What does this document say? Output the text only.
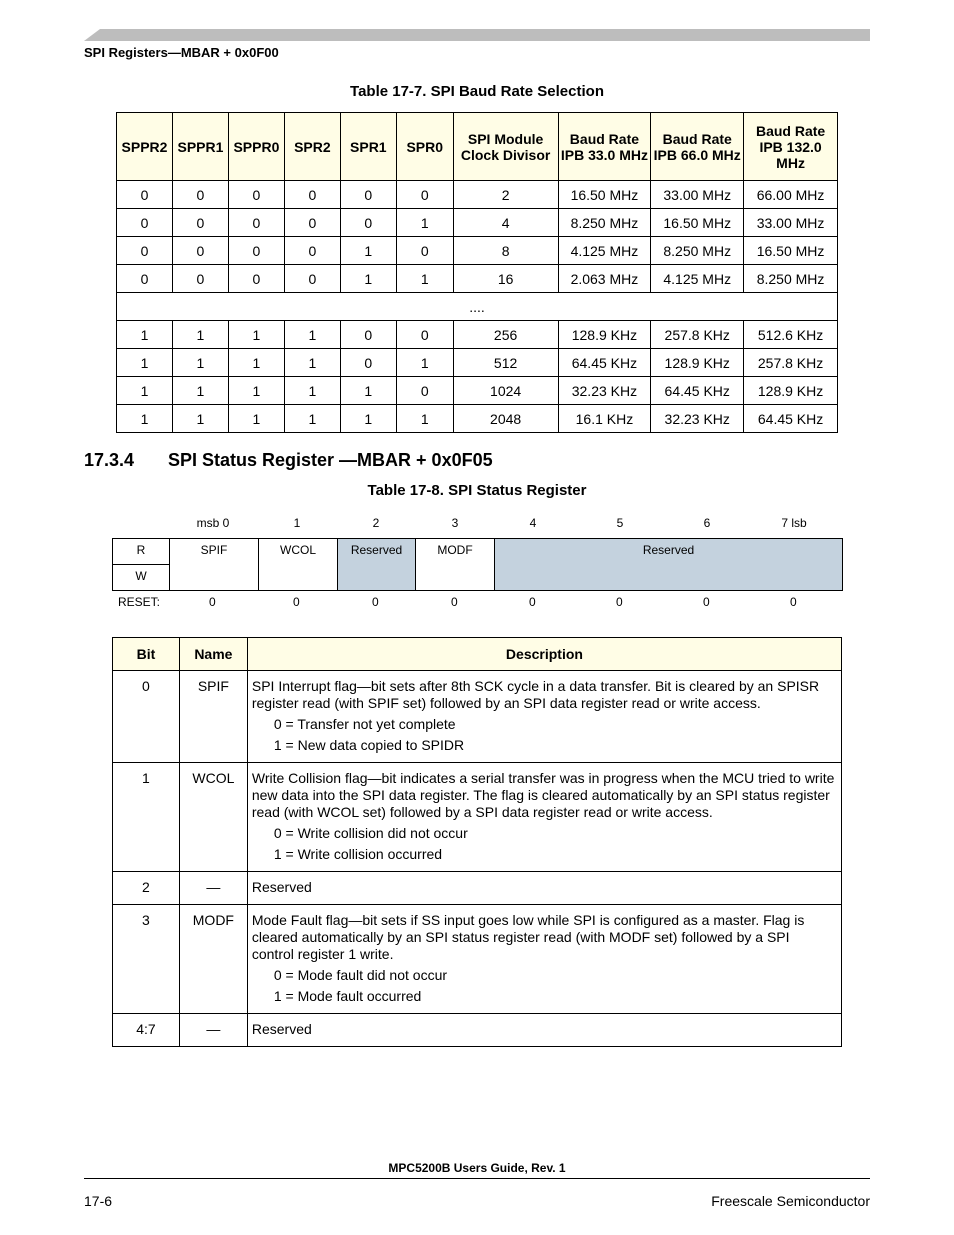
SPI Registers—MBAR + 0x0F00
Table 17-7. SPI Baud Rate Selection
SPPR2	SPPR1	SPPR0	SPR2	SPR1	SPR0	SPI Module Clock Divisor	Baud Rate IPB 33.0 MHz	Baud Rate IPB 66.0 MHz	Baud Rate IPB 132.0 MHz
0	0	0	0	0	0	2	16.50 MHz	33.00 MHz	66.00 MHz
0	0	0	0	0	1	4	8.250 MHz	16.50 MHz	33.00 MHz
0	0	0	0	1	0	8	4.125 MHz	8.250 MHz	16.50 MHz
0	0	0	0	1	1	16	2.063 MHz	4.125 MHz	8.250 MHz
....									
1	1	1	1	0	0	256	128.9 KHz	257.8 KHz	512.6 KHz
1	1	1	1	0	1	512	64.45 KHz	128.9 KHz	257.8 KHz
1	1	1	1	1	0	1024	32.23 KHz	64.45 KHz	128.9 KHz
1	1	1	1	1	1	2048	16.1 KHz	32.23 KHz	64.45 KHz
17.3.4 SPI Status Register —MBAR + 0x0F05
Table 17-8. SPI Status Register
msb 0	1	2	3	4	5	6	7 lsb
R
W
SPIF	WCOL	Reserved	MODF	Reserved
RESET:	0	0	0	0	0	0	0	0
Bit	Name	Description
0	SPIF	SPI Interrupt flag—bit sets after 8th SCK cycle in a data transfer. Bit is cleared by an SPISR register read (with SPIF set) followed by an SPI data register read or write access.
0 = Transfer not yet complete
1 = New data copied to SPIDR

1	WCOL	Write Collision flag—bit indicates a serial transfer was in progress when the MCU tried to write new data into the SPI data register. The flag is cleared automatically by an SPI status register read (with WCOL set) followed by a SPI data register read or write access.
0 = Write collision did not occur
1 = Write collision occurred

2	—	Reserved

3	MODF	Mode Fault flag—bit sets if SS input goes low while SPI is configured as a master. Flag is cleared automatically by an SPI status register read (with MODF set) followed by a SPI control register 1 write.
0 = Mode fault did not occur
1 = Mode fault occurred

4:7	—	Reserved
MPC5200B Users Guide, Rev. 1
17-6	Freescale Semiconductor
